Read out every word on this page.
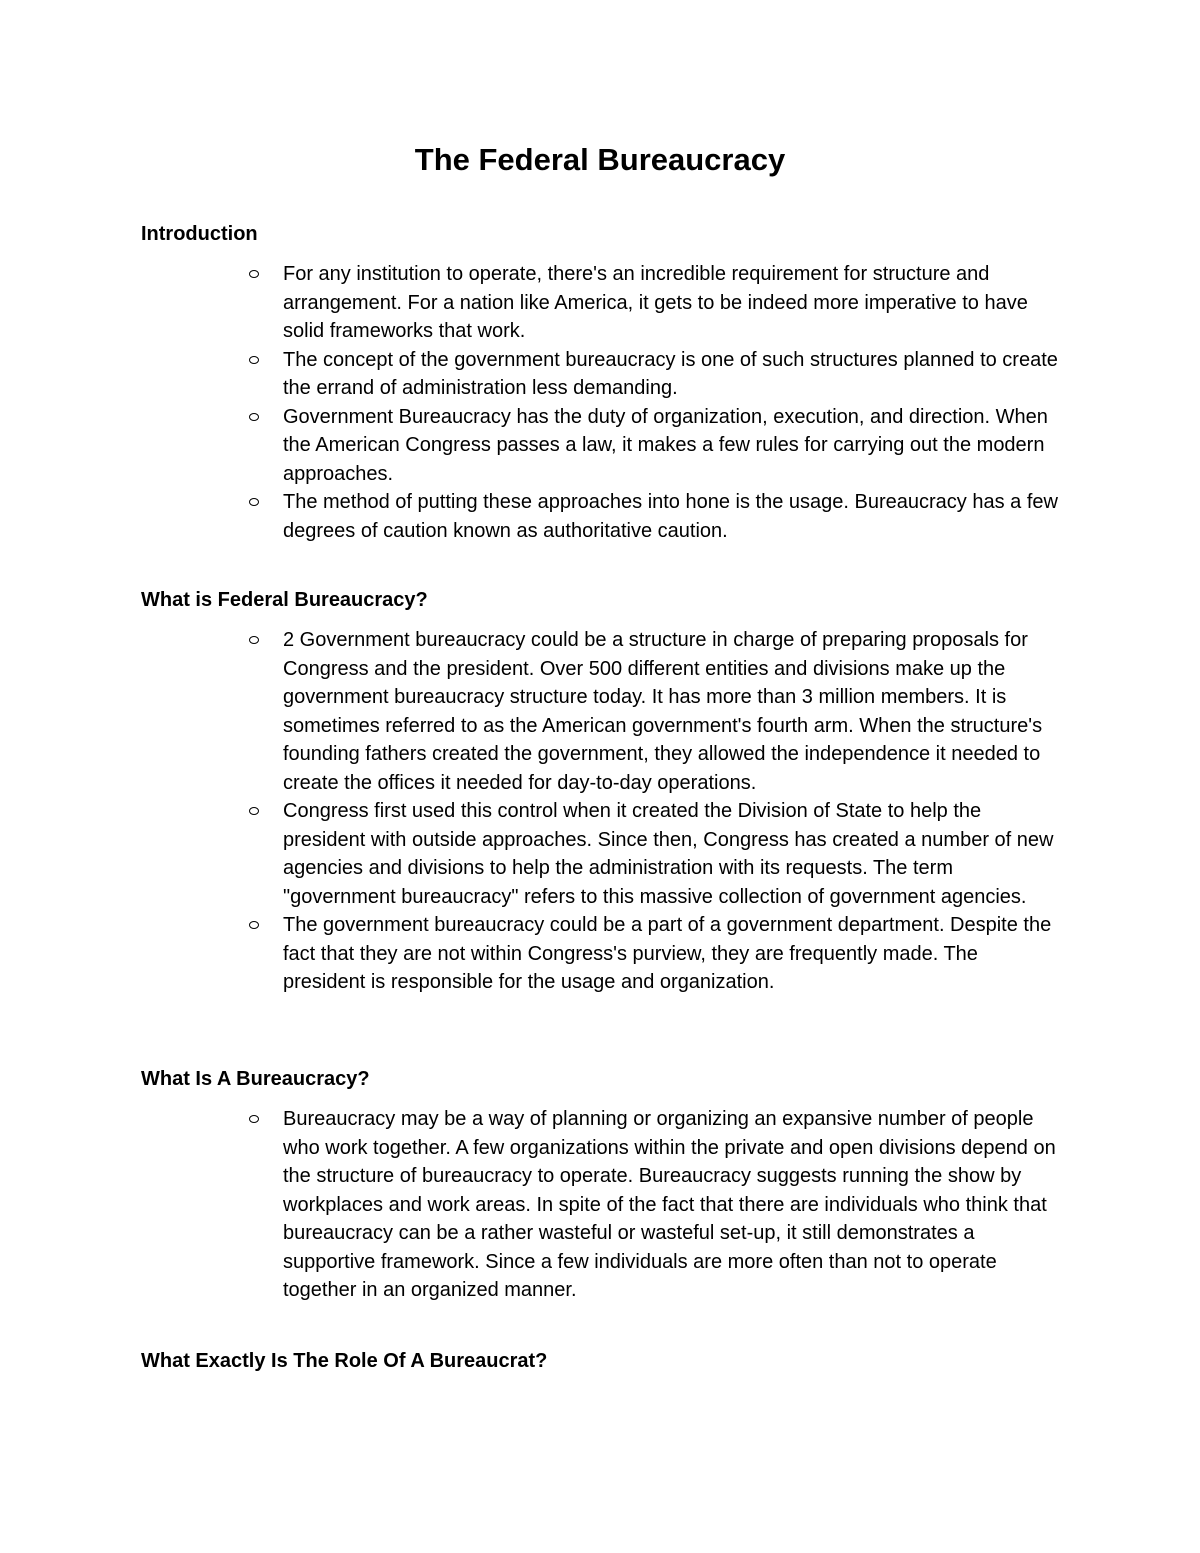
The Federal Bureaucracy
Introduction
For any institution to operate, there's an incredible requirement for structure and arrangement. For a nation like America, it gets to be indeed more imperative to have solid frameworks that work.
The concept of the government bureaucracy is one of such structures planned to create the errand of administration less demanding.
Government Bureaucracy has the duty of organization, execution, and direction. When the American Congress passes a law, it makes a few rules for carrying out the modern approaches.
The method of putting these approaches into hone is the usage. Bureaucracy has a few degrees of caution known as authoritative caution.
What is Federal Bureaucracy?
2 Government bureaucracy could be a structure in charge of preparing proposals for Congress and the president. Over 500 different entities and divisions make up the government bureaucracy structure today. It has more than 3 million members. It is sometimes referred to as the American government's fourth arm. When the structure's founding fathers created the government, they allowed the independence it needed to create the offices it needed for day-to-day operations.
Congress first used this control when it created the Division of State to help the president with outside approaches. Since then, Congress has created a number of new agencies and divisions to help the administration with its requests. The term "government bureaucracy" refers to this massive collection of government agencies.
The government bureaucracy could be a part of a government department. Despite the fact that they are not within Congress's purview, they are frequently made. The president is responsible for the usage and organization.
What Is A Bureaucracy?
Bureaucracy may be a way of planning or organizing an expansive number of people who work together. A few organizations within the private and open divisions depend on the structure of bureaucracy to operate. Bureaucracy suggests running the show by workplaces and work areas. In spite of the fact that there are individuals who think that bureaucracy can be a rather wasteful or wasteful set-up, it still demonstrates a supportive framework. Since a few individuals are more often than not to operate together in an organized manner.
What Exactly Is The Role Of A Bureaucrat?
